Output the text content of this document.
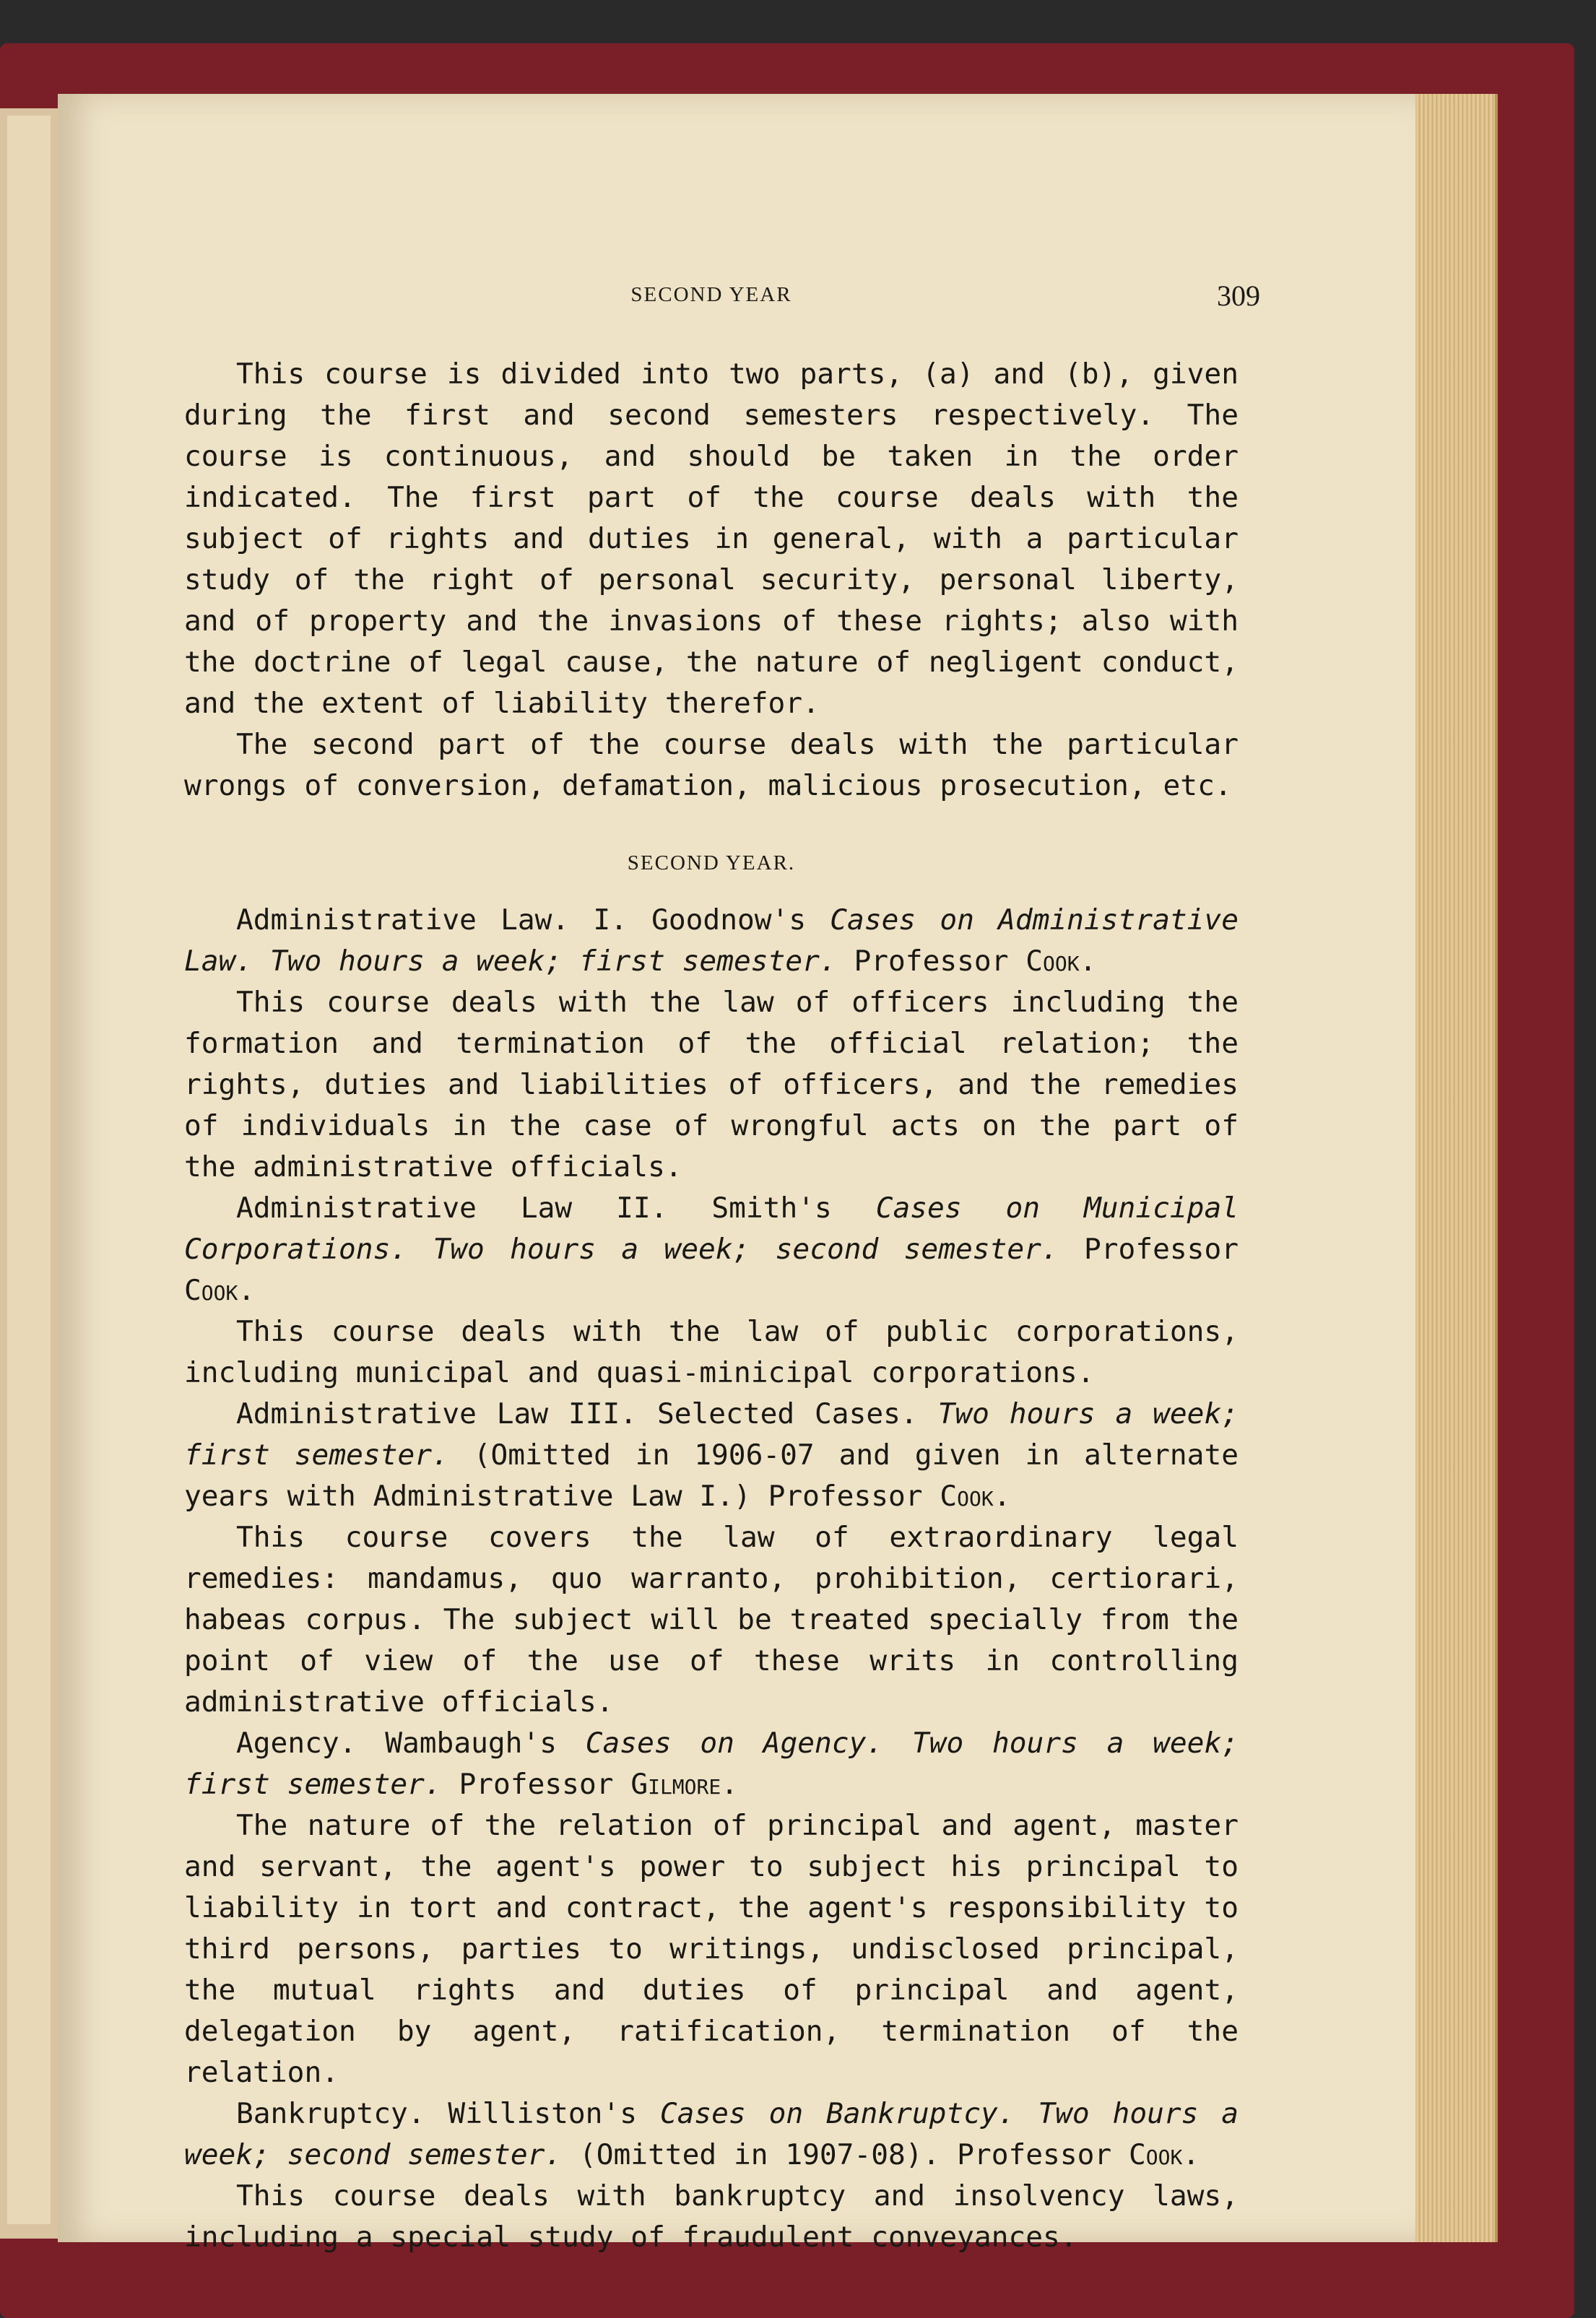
SECOND YEAR	309

This course is divided into two parts, (a) and (b), given during the first and second semesters respectively. The course is continuous, and should be taken in the order indicated. The first part of the course deals with the subject of rights and duties in general, with a particular study of the right of personal security, personal liberty, and of property and the invasions of these rights; also with the doctrine of legal cause, the nature of negligent conduct, and the extent of liability therefor.

The second part of the course deals with the particular wrongs of conversion, defamation, malicious prosecution, etc.

SECOND YEAR.

Administrative Law. I. Goodnow's Cases on Administrative Law. Two hours a week; first semester. Professor Cook.

This course deals with the law of officers including the formation and termination of the official relation; the rights, duties and liabilities of officers, and the remedies of individuals in the case of wrongful acts on the part of the administrative officials.

Administrative Law II. Smith's Cases on Municipal Corporations. Two hours a week; second semester. Professor Cook.

This course deals with the law of public corporations, including municipal and quasi-minicipal corporations.

Administrative Law III. Selected Cases. Two hours a week; first semester. (Omitted in 1906-07 and given in alternate years with Administrative Law I.) Professor Cook.

This course covers the law of extraordinary legal remedies: mandamus, quo warranto, prohibition, certiorari, habeas corpus. The subject will be treated specially from the point of view of the use of these writs in controlling administrative officials.

Agency. Wambaugh's Cases on Agency. Two hours a week; first semester. Professor Gilmore.

The nature of the relation of principal and agent, master and servant, the agent's power to subject his principal to liability in tort and contract, the agent's responsibility to third persons, parties to writings, undisclosed principal, the mutual rights and duties of principal and agent, delegation by agent, ratification, termination of the relation.

Bankruptcy. Williston's Cases on Bankruptcy. Two hours a week; second semester. (Omitted in 1907-08). Professor Cook.

This course deals with bankruptcy and insolvency laws, including a special study of fraudulent conveyances.
